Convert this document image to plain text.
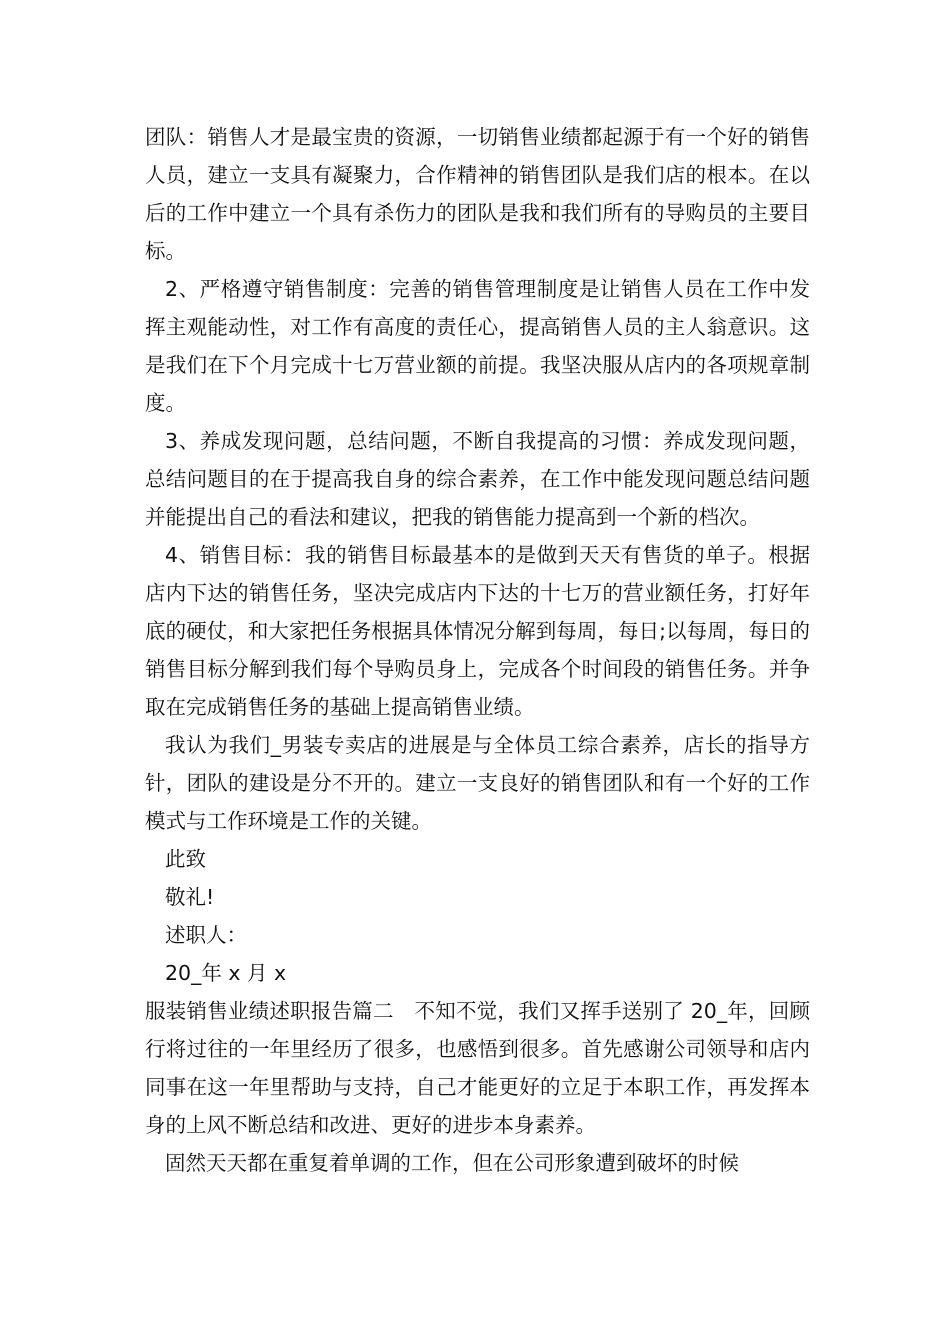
团队：销售人才是最宝贵的资源，一切销售业绩都起源于有一个好的销售人员，建立一支具有凝聚力，合作精神的销售团队是我们店的根本。在以后的工作中建立一个具有杀伤力的团队是我和我们所有的导购员的主要目标。

2、严格遵守销售制度：完善的销售管理制度是让销售人员在工作中发挥主观能动性，对工作有高度的责任心，提高销售人员的主人翁意识。这是我们在下个月完成十七万营业额的前提。我坚决服从店内的各项规章制度。

3、养成发现问题，总结问题，不断自我提高的习惯：养成发现问题，总结问题目的在于提高我自身的综合素养，在工作中能发现问题总结问题并能提出自己的看法和建议，把我的销售能力提高到一个新的档次。

4、销售目标：我的销售目标最基本的是做到天天有售货的单子。根据店内下达的销售任务，坚决完成店内下达的十七万的营业额任务，打好年底的硬仗，和大家把任务根据具体情况分解到每周，每日;以每周，每日的销售目标分解到我们每个导购员身上，完成各个时间段的销售任务。并争取在完成销售任务的基础上提高销售业绩。

我认为我们_男装专卖店的进展是与全体员工综合素养，店长的指导方针，团队的建设是分不开的。建立一支良好的销售团队和有一个好的工作模式与工作环境是工作的关键。

此致

敬礼!

述职人：

20_年 x 月 x

服装销售业绩述职报告篇二　不知不觉，我们又挥手送别了 20_年，回顾行将过往的一年里经历了很多，也感悟到很多。首先感谢公司领导和店内同事在这一年里帮助与支持，自己才能更好的立足于本职工作，再发挥本身的上风不断总结和改进、更好的进步本身素养。

固然天天都在重复着单调的工作，但在公司形象遭到破坏的时候
